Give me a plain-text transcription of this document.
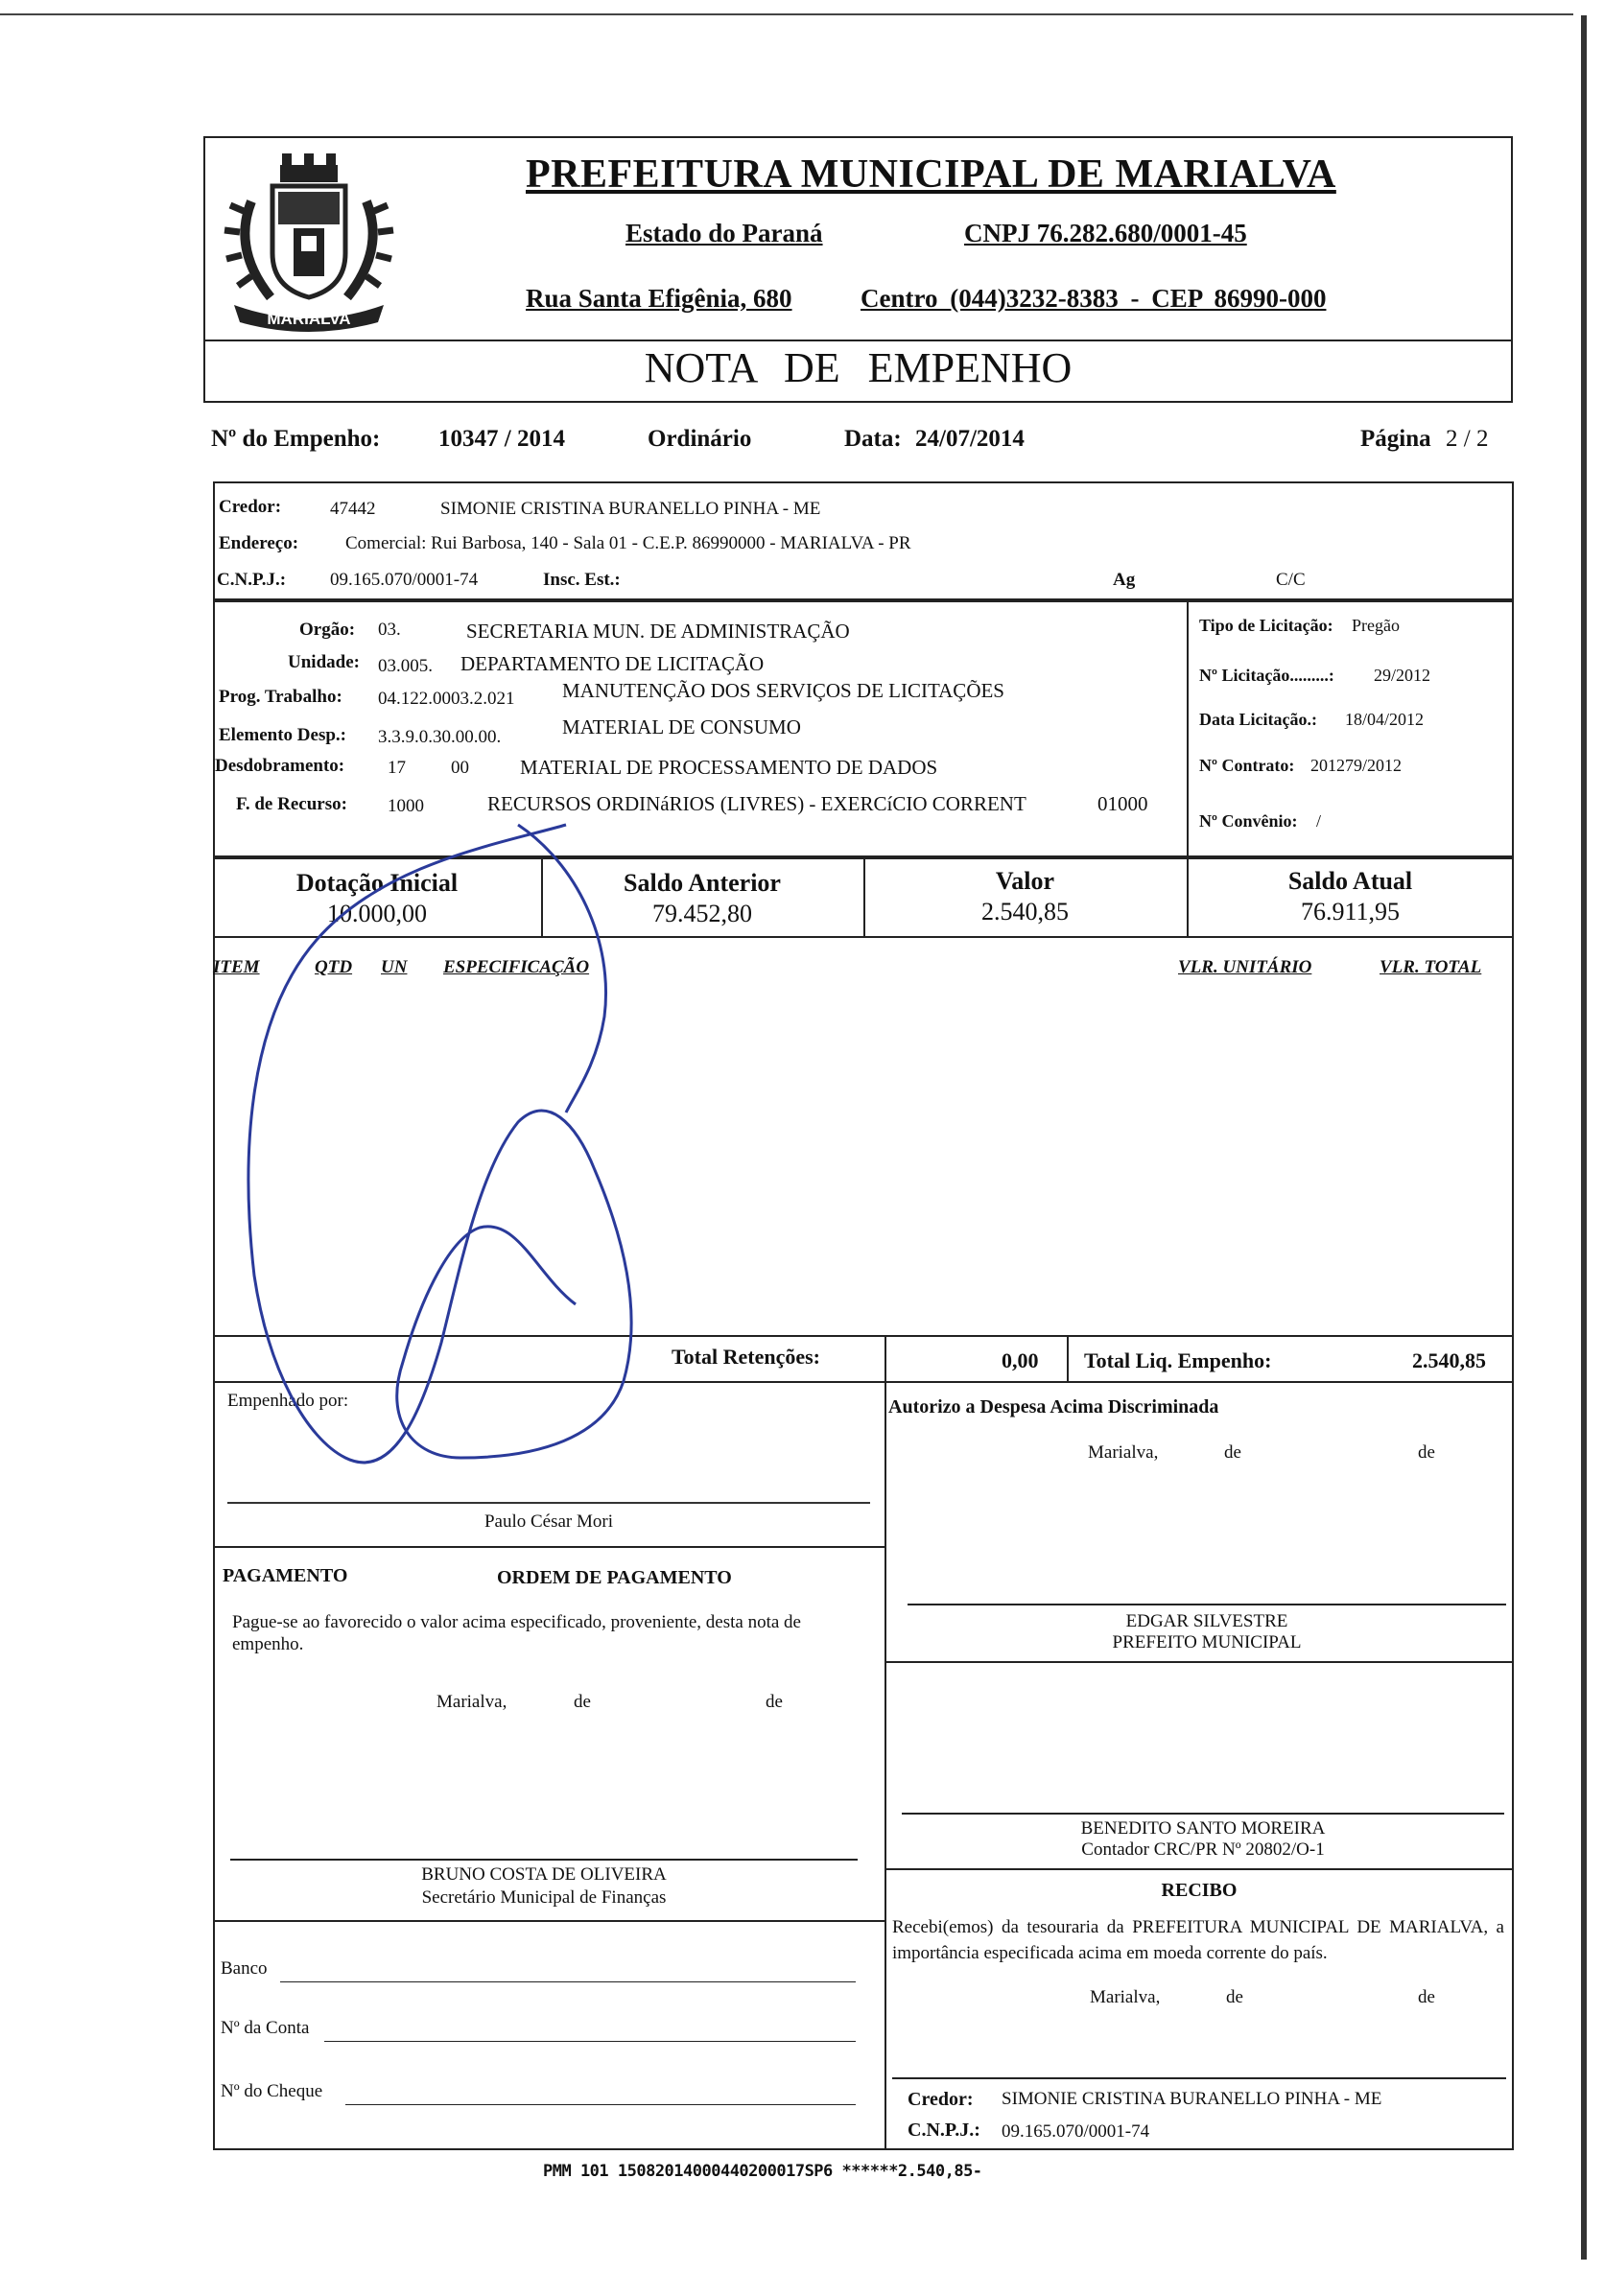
MARIALVA
PREFEITURA MUNICIPAL DE MARIALVA
Estado do Paraná	CNPJ 76.282.680/0001-45
Rua Santa Efigênia, 680	Centro (044)3232-8383 - CEP 86990-000
NOTA DE EMPENHO
Nº do Empenho: 10347 / 2014	Ordinário	Data: 24/07/2014	Página 2 / 2
Credor:	47442	SIMONIE CRISTINA BURANELLO PINHA - ME
Endereço:	Comercial: Rui Barbosa, 140 - Sala 01 - C.E.P. 86990000 - MARIALVA - PR
C.N.P.J.: 09.165.070/0001-74	Insc. Est.:	Ag	C/C
Orgão: 03.	SECRETARIA MUN. DE ADMINISTRAÇÃO
Unidade: 03.005. DEPARTAMENTO DE LICITAÇÃO
Prog. Trabalho: 04.122.0003.2.021 MANUTENÇÃO DOS SERVIÇOS DE LICITAÇÕES
Elemento Desp.: 3.3.9.0.30.00.00.	MATERIAL DE CONSUMO
Desdobramento: 17 00	MATERIAL DE PROCESSAMENTO DE DADOS
F. de Recurso: 1000	RECURSOS ORDINáRIOS (LIVRES) - EXERCíCIO CORRENT	01000
Tipo de Licitação: Pregão
Nº Licitação.........: 29/2012
Data Licitação.: 18/04/2012
Nº Contrato: 201279/2012
Nº Convênio: /
Dotação Inicial
10.000,00
Saldo Anterior
79.452,80
Valor
2.540,85
Saldo Atual
76.911,95
ITEM	QTD UN ESPECIFICAÇÃO	VLR. UNITÁRIO	VLR. TOTAL
Total Retenções:	0,00 Total Liq. Empenho:	2.540,85
Empenhado por:
Paulo César Mori
Autorizo a Despesa Acima Discriminada
Marialva,	de	de
PAGAMENTO	ORDEM DE PAGAMENTO
Pague-se ao favorecido o valor acima especificado, proveniente, desta nota de empenho.
Marialva,	de	de
EDGAR SILVESTRE
PREFEITO MUNICIPAL
BENEDITO SANTO MOREIRA
Contador CRC/PR Nº 20802/O-1
BRUNO COSTA DE OLIVEIRA
Secretário Municipal de Finanças
Banco
Nº da Conta
Nº do Cheque
RECIBO
Recebi(emos) da tesouraria da PREFEITURA MUNICIPAL DE MARIALVA, a importância especificada acima em moeda corrente do país.
Marialva,	de	de
Credor: SIMONIE CRISTINA BURANELLO PINHA - ME
C.N.P.J.: 09.165.070/0001-74
PMM 101 15082014000440200017SP6 ******2.540,85-
